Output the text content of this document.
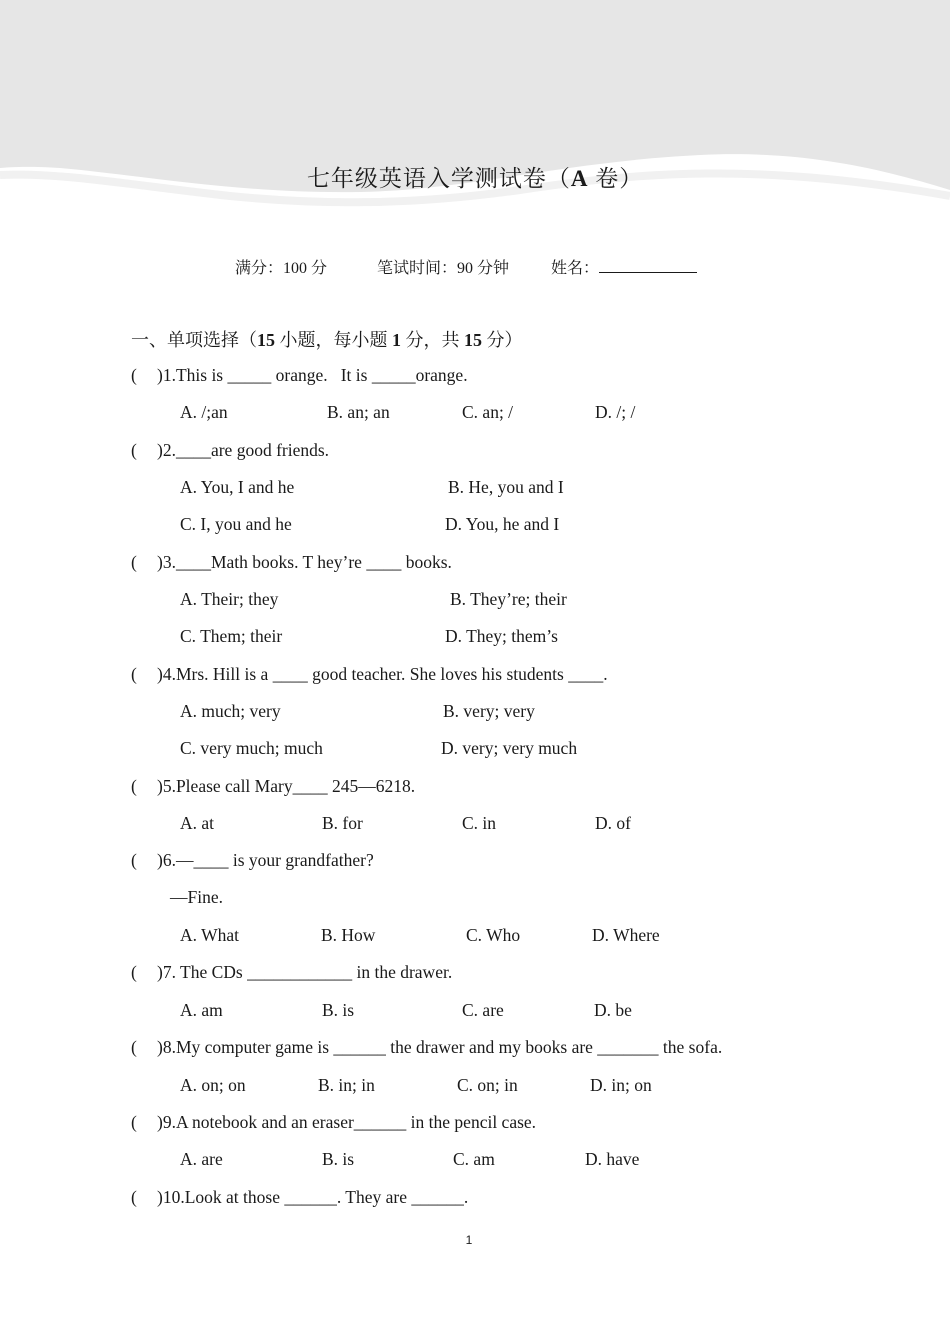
七年级英语入学测试卷（A 卷）
满分：100 分	笔试时间：90 分钟	姓名：
一、单项选择（15 小题，每小题 1 分，共 15 分）
( )1.This is _____ orange.   It is _____orange.
A. /;an	B. an; an	C. an; /	D. /; /
( )2.____are good friends.
A. You, I and he	B. He, you and I
C. I, you and he	D. You, he and I
( )3.____Math books. T hey’re ____ books.
A. Their; they	B. They’re; their
C. Them; their	D. They; them’s
( )4.Mrs. Hill is a ____ good teacher. She loves his students ____.
A. much; very	B. very; very
C. very much; much	D. very; very much
( )5.Please call Mary____ 245—6218.
A. at	B. for	C. in	D. of
( )6.—____ is your grandfather?
—Fine.
A. What	B. How	C. Who	D. Where
( )7. The CDs ____________ in the drawer.
A. am	B. is	C. are	D. be
( )8.My computer game is ______ the drawer and my books are _______ the sofa.
A. on; on	B. in; in	C. on; in	D. in; on
( )9.A notebook and an eraser______ in the pencil case.
A. are	B. is	C. am	D. have
( )10.Look at those ______. They are ______.
1
